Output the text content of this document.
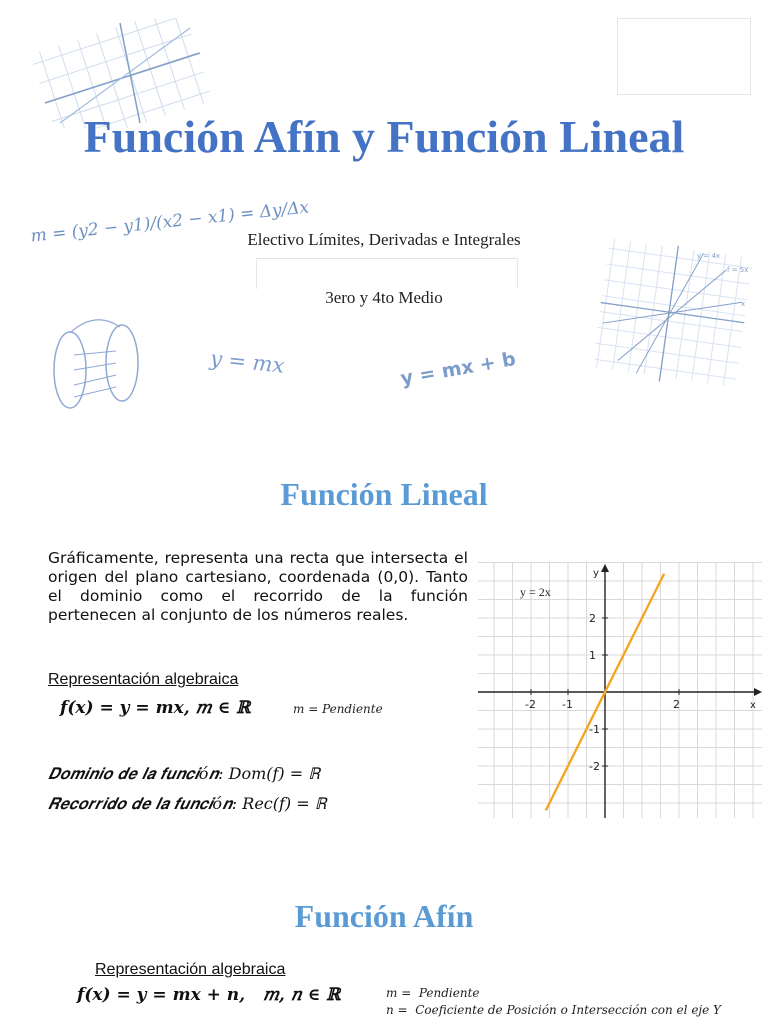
Función Afín y Función Lineal
m = (y2 − y1)/(x2 − x1) = Δy/Δx
Electivo Límites, Derivadas e Integrales
3ero y 4to Medio
y = mx	y = mx + b
y = 4x
f = 5x
x
Función Lineal
Gráficamente, representa una recta que intersecta el origen del plano cartesiano, coordenada (0,0). Tanto el dominio como el recorrido de la función pertenecen al conjunto de los números reales.
Representación algebraica
𝒇(𝒙) = 𝒚 = 𝒎𝒙, 𝑚 ∈ ℝ	m = Pendiente
𝑫𝒐𝒎𝒊𝒏𝒊𝒐 𝒅𝒆 𝒍𝒂 𝒇𝒖𝒏𝒄𝒊ó𝒏: 𝐷𝑜𝑚(𝑓) = ℝ
𝑹𝒆𝒄𝒐𝒓𝒓𝒊𝒅𝒐 𝒅𝒆 𝒍𝒂 𝒇𝒖𝒏𝒄𝒊ó𝒏: 𝑅𝑒𝑐(𝑓) = ℝ
x
y
-2 -1	2
2
1
-1
-2
y = 2x
Función Afín
Representación algebraica
𝒇(𝒙) = 𝒚 = 𝒎𝒙 + 𝒏,   𝑚, 𝑛 ∈ ℝ	m =  Pendiente
n =  Coeficiente de Posición o Intersección con el eje Y
